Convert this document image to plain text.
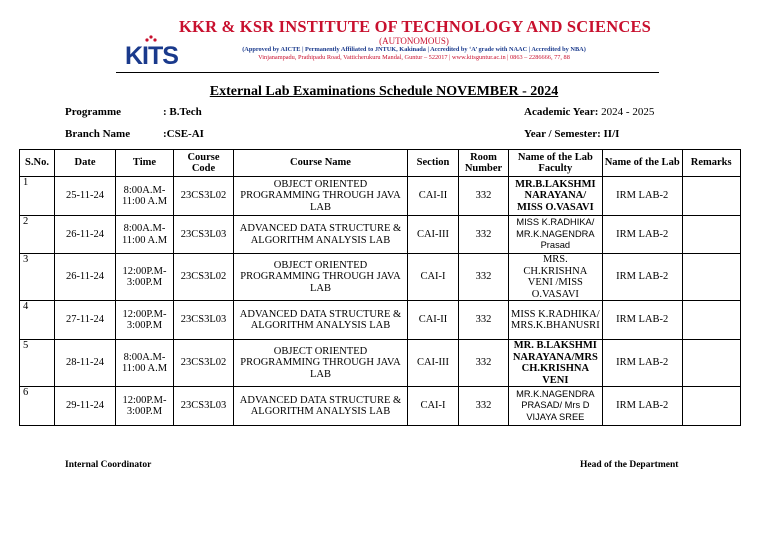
KITS
KKR & KSR INSTITUTE OF TECHNOLOGY AND SCIENCES
(AUTONOMOUS)
(Approved by AICTE | Permanently Affiliated to JNTUK, Kakinada | Accredited by ‘A’ grade with NAAC | Accredited by NBA)
Vinjanampadu, Prathipadu Road, Vatticherukuru Mandal, Guntur – 522017 | www.kitsguntur.ac.in | 0863 – 2286666, 77, 88
External Lab Examinations Schedule NOVEMBER - 2024
Programme	: B.Tech
Branch Name	:CSE-AI
Academic Year: 2024 - 2025
Year / Semester: II/I
S.No.	Date	Time	Course Code	Course Name	Section	Room Number	Name of the Lab Faculty	Name of the Lab	Remarks
1	25-11-24	8:00A.M-11:00 A.M	23CS3L02	OBJECT ORIENTED PROGRAMMING THROUGH JAVA LAB	CAI-II	332	MR.B.LAKSHMI NARAYANA/ MISS O.VASAVI	IRM LAB-2	
2	26-11-24	8:00A.M-11:00 A.M	23CS3L03	ADVANCED DATA STRUCTURE & ALGORITHM ANALYSIS LAB	CAI-III	332	MISS K.RADHIKA/ MR.K.NAGENDRA Prasad	IRM LAB-2	
3	26-11-24	12:00P.M-3:00P.M	23CS3L02	OBJECT ORIENTED PROGRAMMING THROUGH JAVA LAB	CAI-I	332	MRS. CH.KRISHNA VENI /MISS O.VASAVI	IRM LAB-2	
4	27-11-24	12:00P.M-3:00P.M	23CS3L03	ADVANCED DATA STRUCTURE & ALGORITHM ANALYSIS LAB	CAI-II	332	MISS K.RADHIKA/ MRS.K.BHANUSRI	IRM LAB-2	
5	28-11-24	8:00A.M-11:00 A.M	23CS3L02	OBJECT ORIENTED PROGRAMMING THROUGH JAVA LAB	CAI-III	332	MR. B.LAKSHMI NARAYANA/MRS CH.KRISHNA VENI	IRM LAB-2	
6	29-11-24	12:00P.M-3:00P.M	23CS3L03	ADVANCED DATA STRUCTURE & ALGORITHM ANALYSIS LAB	CAI-I	332	MR.K.NAGENDRA PRASAD/ Mrs D VIJAYA SREE	IRM LAB-2	
Internal Coordinator	Head of the Department
